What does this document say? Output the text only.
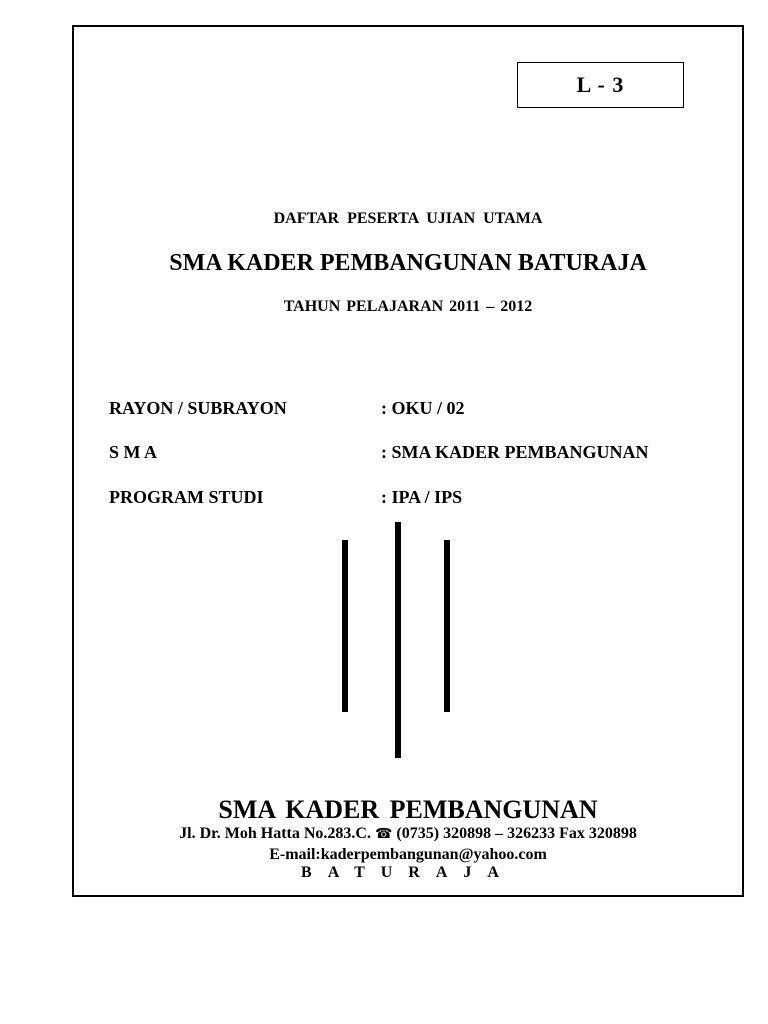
L - 3
DAFTAR PESERTA UJIAN UTAMA
SMA KADER PEMBANGUNAN BATURAJA
TAHUN PELAJARAN 2011 – 2012
RAYON / SUBRAYON	: OKU / 02
S M A	: SMA KADER PEMBANGUNAN
PROGRAM STUDI	: IPA / IPS
SMA KADER PEMBANGUNAN
Jl. Dr. Moh Hatta No.283.C. ☎ (0735) 320898 – 326233 Fax 320898
E-mail:kaderpembangunan@yahoo.com
BATURAJA
